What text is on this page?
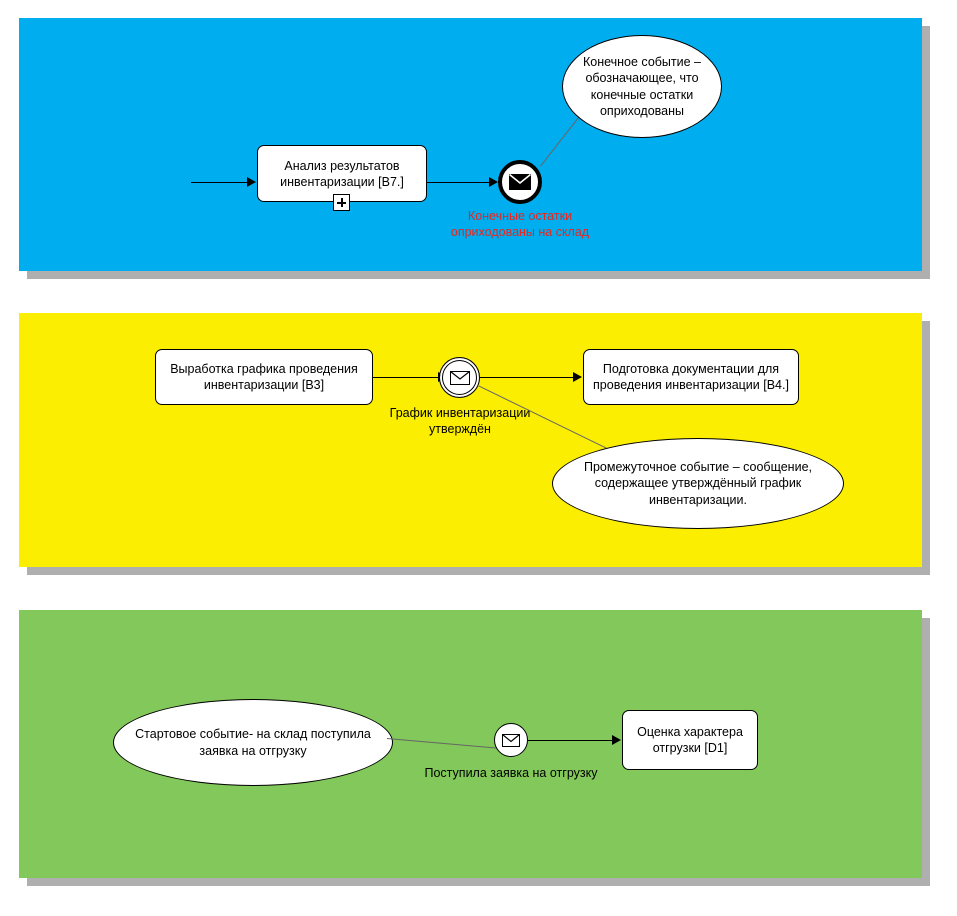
Анализ результатов инвентаризации [В7.]
Конечное событие – обозначающее, что конечные остатки оприходованы
Конечные остатки оприходованы на склад
Выработка графика проведения инвентаризации [В3]
Подготовка документации для проведения инвентаризации [В4.]
График инвентаризации утверждён
Промежуточное событие – сообщение, содержащее утверждённый график инвентаризации.
Стартовое событие- на склад поступила заявка на отгрузку
Оценка характера отгрузки [D1]
Поступила заявка на отгрузку
